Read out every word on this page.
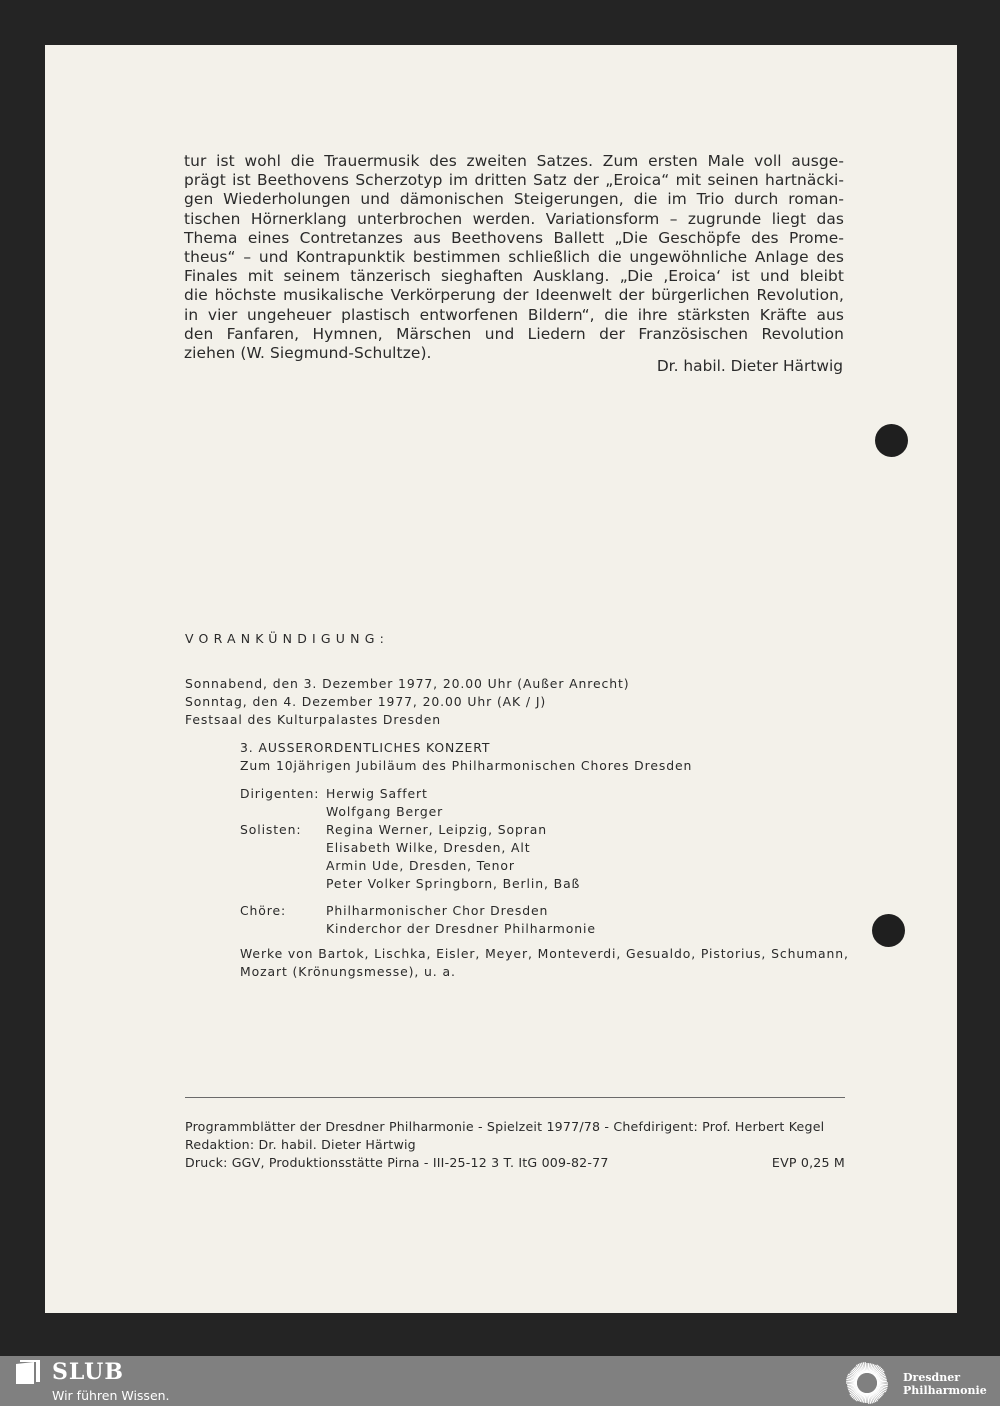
tur ist wohl die Trauermusik des zweiten Satzes. Zum ersten Male voll ausge-
prägt ist Beethovens Scherzotyp im dritten Satz der „Eroica“ mit seinen hartnäcki-
gen Wiederholungen und dämonischen Steigerungen, die im Trio durch roman-
tischen Hörnerklang unterbrochen werden. Variationsform – zugrunde liegt das
Thema eines Contretanzes aus Beethovens Ballett „Die Geschöpfe des Prome-
theus“ – und Kontrapunktik bestimmen schließlich die ungewöhnliche Anlage des
Finales mit seinem tänzerisch sieghaften Ausklang. „Die ‚Eroica‘ ist und bleibt
die höchste musikalische Verkörperung der Ideenwelt der bürgerlichen Revolution,
in vier ungeheuer plastisch entworfenen Bildern“, die ihre stärksten Kräfte aus
den Fanfaren, Hymnen, Märschen und Liedern der Französischen Revolution
ziehen (W. Siegmund-Schultze).
Dr. habil. Dieter Härtwig
VORANKÜNDIGUNG:
Sonnabend, den 3. Dezember 1977, 20.00 Uhr (Außer Anrecht)
Sonntag, den 4. Dezember 1977, 20.00 Uhr (AK / J)
Festsaal des Kulturpalastes Dresden
3. AUSSERORDENTLICHES KONZERT
Zum 10jährigen Jubiläum des Philharmonischen Chores Dresden
Dirigenten:	Herwig Saffert
	Wolfgang Berger
Solisten:	Regina Werner, Leipzig, Sopran
	Elisabeth Wilke, Dresden, Alt
	Armin Ude, Dresden, Tenor
	Peter Volker Springborn, Berlin, Baß
Chöre:	Philharmonischer Chor Dresden
	Kinderchor der Dresdner Philharmonie
Werke von Bartok, Lischka, Eisler, Meyer, Monteverdi, Gesualdo, Pistorius, Schumann,
Mozart (Krönungsmesse), u. a.
Programmblätter der Dresdner Philharmonie - Spielzeit 1977/78 - Chefdirigent: Prof. Herbert Kegel
Redaktion: Dr. habil. Dieter Härtwig
Druck: GGV, Produktionsstätte Pirna - III-25-12 3 T. ItG 009-82-77	EVP 0,25 M
SLUB
Wir führen Wissen.
Dresdner
Philharmonie
